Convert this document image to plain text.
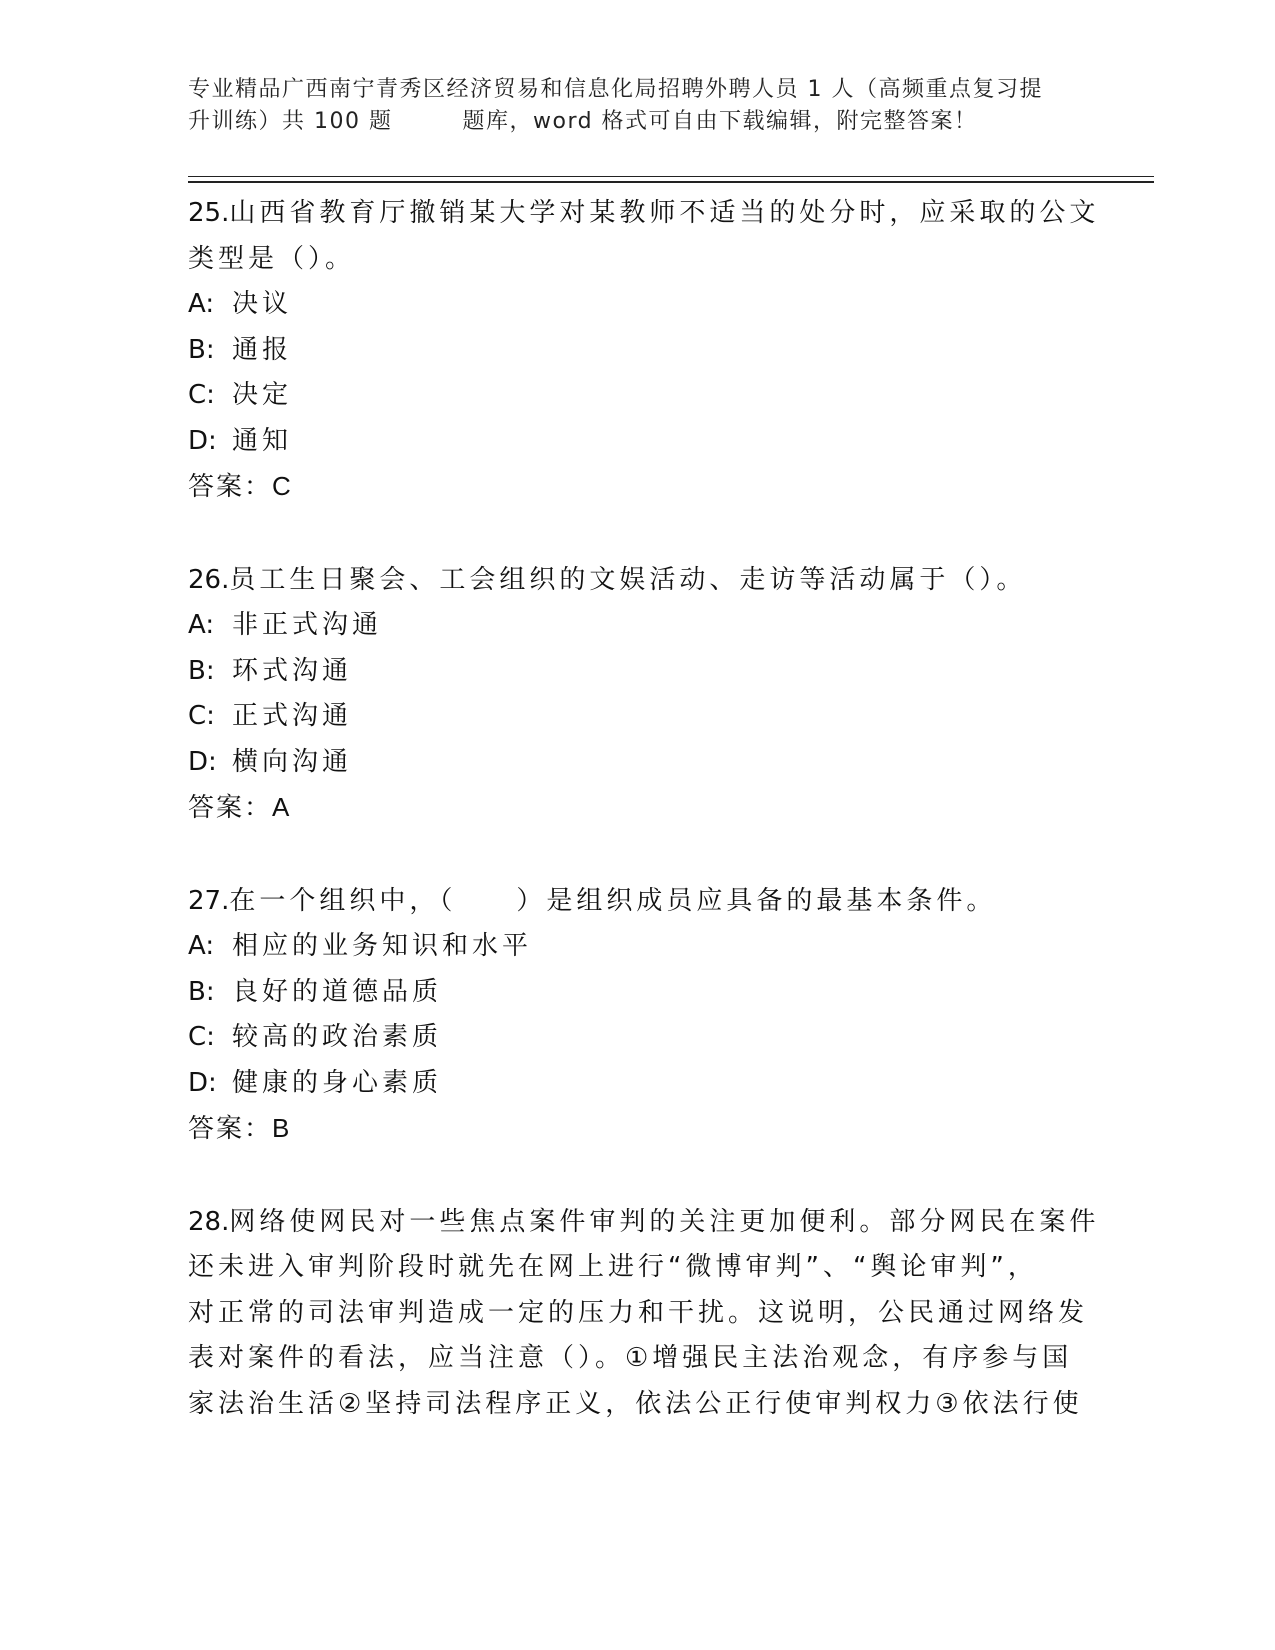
专业精品广西南宁青秀区经济贸易和信息化局招聘外聘人员 1 人（高频重点复习提
升训练）共 100 题	题库，word 格式可自由下载编辑，附完整答案！
25.山西省教育厅撤销某大学对某教师不适当的处分时，应采取的公文
类型是（）。
A: 决议
B: 通报
C: 决定
D: 通知
答案：C
26.员工生日聚会、工会组织的文娱活动、走访等活动属于（）。
A: 非正式沟通
B: 环式沟通
C: 正式沟通
D: 横向沟通
答案：A
27.在一个组织中，（　　）是组织成员应具备的最基本条件。
A: 相应的业务知识和水平
B: 良好的道德品质
C: 较高的政治素质
D: 健康的身心素质
答案：B
28.网络使网民对一些焦点案件审判的关注更加便利。部分网民在案件
还未进入审判阶段时就先在网上进行“微博审判”、“舆论审判”，
对正常的司法审判造成一定的压力和干扰。这说明，公民通过网络发
表对案件的看法，应当注意（）。①增强民主法治观念，有序参与国
家法治生活②坚持司法程序正义，依法公正行使审判权力③依法行使
